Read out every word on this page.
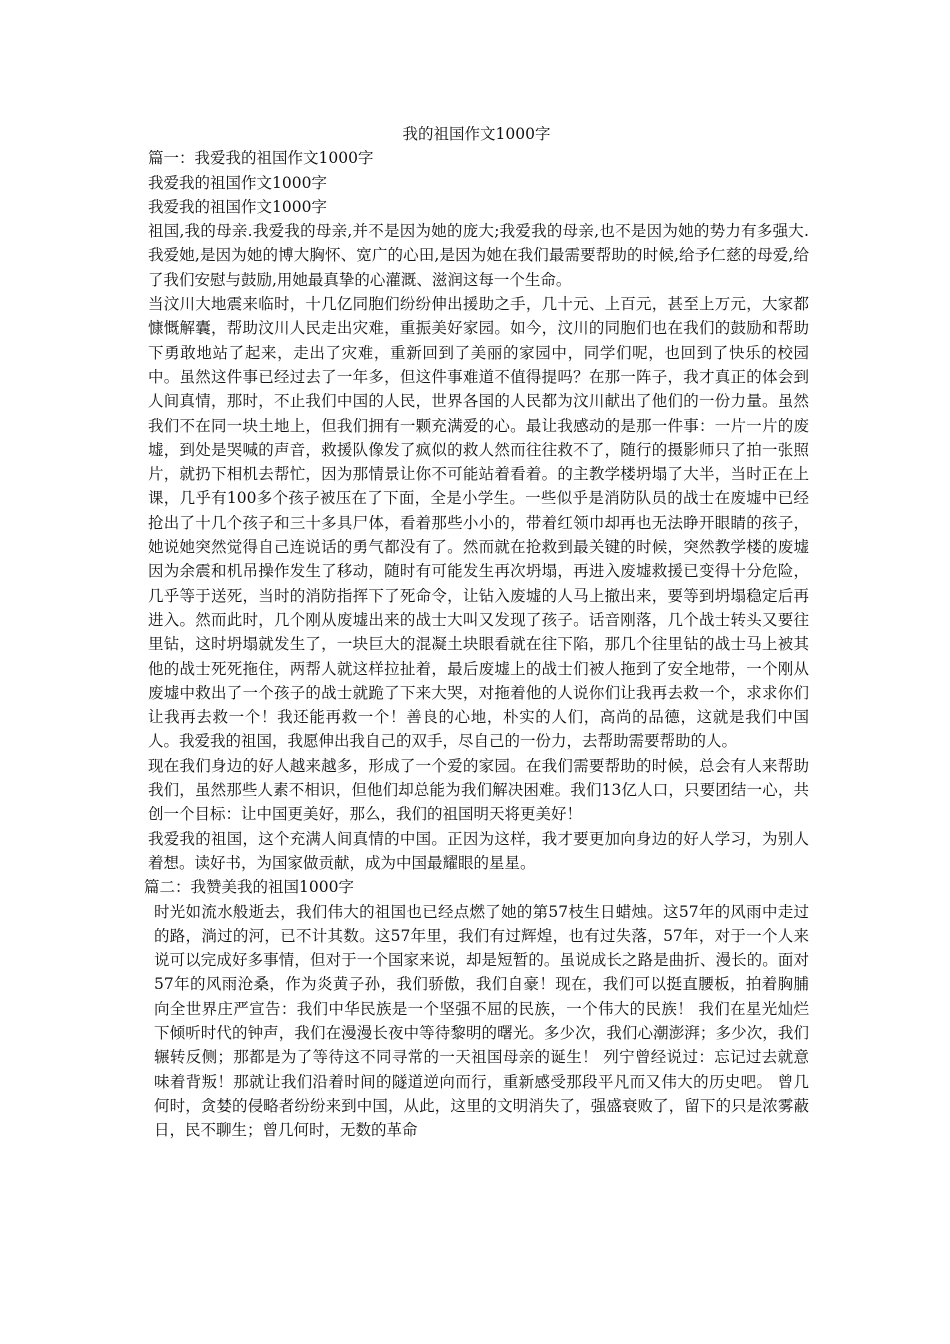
我的祖国作文1000字

篇一：我爱我的祖国作文1000字

我爱我的祖国作文1000字

我爱我的祖国作文1000字

祖国,我的母亲.我爱我的母亲,并不是因为她的庞大;我爱我的母亲,也不是因为她的势力有多强大.我爱她,是因为她的博大胸怀、宽广的心田,是因为她在我们最需要帮助的时候,给予仁慈的母爱,给了我们安慰与鼓励,用她最真挚的心灌溉、滋润这每一个生命。

当汶川大地震来临时，十几亿同胞们纷纷伸出援助之手，几十元、上百元，甚至上万元，大家都慷慨解囊，帮助汶川人民走出灾难，重振美好家园。如今，汶川的同胞们也在我们的鼓励和帮助下勇敢地站了起来，走出了灾难，重新回到了美丽的家园中，同学们呢，也回到了快乐的校园中。虽然这件事已经过去了一年多，但这件事难道不值得提吗？在那一阵子，我才真正的体会到人间真情，那时，不止我们中国的人民，世界各国的人民都为汶川献出了他们的一份力量。虽然我们不在同一块土地上，但我们拥有一颗充满爱的心。最让我感动的是那一件事：一片一片的废墟，到处是哭喊的声音，救援队像发了疯似的救人然而往往救不了，随行的摄影师只了拍一张照片，就扔下相机去帮忙，因为那情景让你不可能站着看着。的主教学楼坍塌了大半，当时正在上课，几乎有100多个孩子被压在了下面，全是小学生。一些似乎是消防队员的战士在废墟中已经抢出了十几个孩子和三十多具尸体，看着那些小小的，带着红领巾却再也无法睁开眼睛的孩子，她说她突然觉得自己连说话的勇气都没有了。然而就在抢救到最关键的时候，突然教学楼的废墟因为余震和机吊操作发生了移动，随时有可能发生再次坍塌，再进入废墟救援已变得十分危险，几乎等于送死，当时的消防指挥下了死命令，让钻入废墟的人马上撤出来，要等到坍塌稳定后再进入。然而此时，几个刚从废墟出来的战士大叫又发现了孩子。话音刚落，几个战士转头又要往里钻，这时坍塌就发生了，一块巨大的混凝土块眼看就在往下陷，那几个往里钻的战士马上被其他的战士死死拖住，两帮人就这样拉扯着，最后废墟上的战士们被人拖到了安全地带，一个刚从废墟中救出了一个孩子的战士就跪了下来大哭，对拖着他的人说你们让我再去救一个，求求你们让我再去救一个！我还能再救一个！善良的心地，朴实的人们，高尚的品德，这就是我们中国人。我爱我的祖国，我愿伸出我自己的双手，尽自己的一份力，去帮助需要帮助的人。

现在我们身边的好人越来越多，形成了一个爱的家园。在我们需要帮助的时候，总会有人来帮助我们，虽然那些人素不相识，但他们却总能为我们解决困难。我们13亿人口，只要团结一心，共创一个目标：让中国更美好，那么，我们的祖国明天将更美好！

我爱我的祖国，这个充满人间真情的中国。正因为这样，我才要更加向身边的好人学习，为别人着想。读好书，为国家做贡献，成为中国最耀眼的星星。

篇二：我赞美我的祖国1000字

时光如流水般逝去，我们伟大的祖国也已经点燃了她的第57枝生日蜡烛。这57年的风雨中走过的路，淌过的河，已不计其数。这57年里，我们有过辉煌，也有过失落，57年，对于一个人来说可以完成好多事情，但对于一个国家来说，却是短暂的。虽说成长之路是曲折、漫长的。面对57年的风雨沧桑，作为炎黄子孙，我们骄傲，我们自豪！现在，我们可以挺直腰板，拍着胸脯向全世界庄严宣告：我们中华民族是一个坚强不屈的民族，一个伟大的民族！ 我们在星光灿烂下倾听时代的钟声，我们在漫漫长夜中等待黎明的曙光。多少次，我们心潮澎湃；多少次，我们辗转反侧；那都是为了等待这不同寻常的一天祖国母亲的诞生！ 列宁曾经说过：忘记过去就意味着背叛！那就让我们沿着时间的隧道逆向而行，重新感受那段平凡而又伟大的历史吧。 曾几何时，贪婪的侵略者纷纷来到中国，从此，这里的文明消失了，强盛衰败了，留下的只是浓雾蔽日，民不聊生；曾几何时，无数的革命
